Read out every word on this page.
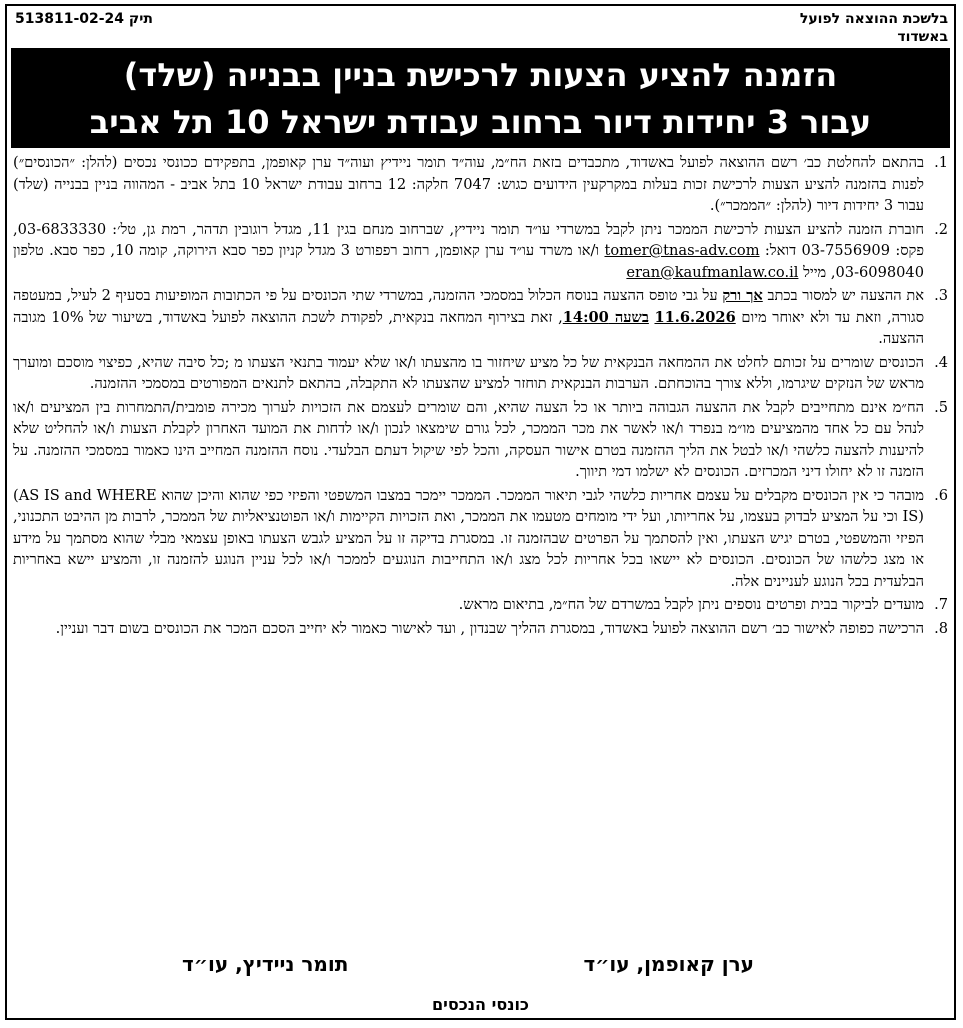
בלשכת ההוצאה לפועל
באשדוד
תיק 513811-02-24
הזמנה להציע הצעות לרכישת בניין בבנייה (שלד)
עבור 3 יחידות דיור ברחוב עבודת ישראל 10 תל אביב
1.
בהתאם להחלטת כב׳ רשם ההוצאה לפועל באשדוד, מתכבדים בזאת הח״מ, עוה״ד תומר ניידיץ ועוה״ד ערן קאופמן, בתפקידם ככונסי נכסים (להלן: ״הכונסים״) לפנות בהזמנה להציע הצעות לרכישת זכות בעלות במקרקעין הידועים כגוש: 7047 חלקה: 12 ברחוב עבודת ישראל 10 בתל אביב - המהווה בניין בבנייה (שלד) עבור 3 יחידות דיור (להלן: ״הממכר״).
2.
חוברת הזמנה להציע הצעות לרכישת הממכר ניתן לקבל במשרדי עו״ד תומר ניידיץ, שברחוב מנחם בגין 11, מגדל רוגובין תדהר, רמת גן, טל׳: 03-6833330, פקס: 03-7556909 דואל: tomer@tnas-adv.com ו/או משרד עו״ד ערן קאופמן, רחוב רפפורט 3 מגדל קניון כפר סבא הירוקה, קומה 10, כפר סבא. טלפון 03-6098040, מייל eran@kaufmanlaw.co.il
3.
את ההצעה יש למסור בכתב אך ורק על גבי טופס ההצעה בנוסח הכלול במסמכי ההזמנה, במשרדי שתי הכונסים על פי הכתובות המופיעות בסעיף 2 לעיל, במעטפה סגורה, וזאת עד ולא יאוחר מיום 11.6.2026 בשעה 14:00, זאת בצירוף המחאה בנקאית, לפקודת לשכת ההוצאה לפועל באשדוד, בשיעור של 10% מגובה ההצעה.
4.
הכונסים שומרים על זכותם לחלט את ההמחאה הבנקאית של כל מציע שיחזור בו מהצעתו ו/או שלא יעמוד בתנאי הצעתו מ ;כל סיבה שהיא, כפיצוי מוסכם ומוערך מראש של הנזקים שיגרמו, וללא צורך בהוכחתם. הערבות הבנקאית תוחזר למציע שהצעתו לא התקבלה, בהתאם לתנאים המפורטים במסמכי ההזמנה.
5.
הח״מ אינם מתחייבים לקבל את ההצעה הגבוהה ביותר או כל הצעה שהיא, והם שומרים לעצמם את הזכויות לערוך מכירה פומבית/התמחרות בין המציעים ו/או לנהל עם כל אחד מהמציעים מו״מ בנפרד ו/או לאשר את מכר הממכר, לכל גורם שימצאו לנכון ו/או לדחות את המועד האחרון לקבלת הצעות ו/או להחליט שלא להיענות להצעה כלשהי ו/או לבטל את הליך ההזמנה בטרם אישור העסקה, והכל לפי שיקול דעתם הבלעדי. נוסח ההזמנה המחייב הינו כאמור במסמכי ההזמנה. על הזמנה זו לא יחולו דיני המכרזים. הכונסים לא ישלמו דמי תיווך.
6.
מובהר כי אין הכונסים מקבלים על עצמם אחריות כלשהי לגבי תיאור הממכר. הממכר יימכר במצבו המשפטי והפיזי כפי שהוא והיכן שהוא (AS IS and WHERE IS) וכי על המציע לבדוק בעצמו, על אחריותו, ועל ידי מומחים מטעמו את הממכר, ואת הזכויות הקיימות ו/או הפוטנציאליות של הממכר, לרבות מן ההיבט התכנוני, הפיזי והמשפטי, בטרם יגיש הצעתו, ואין להסתמך על הפרטים שבהזמנה זו. במסגרת בדיקה זו על המציע לגבש הצעתו באופן עצמאי מבלי שהוא מסתמך על מידע או מצג כלשהו של הכונסים. הכונסים לא יישאו בכל אחריות לכל מצג ו/או התחייבות הנוגעים לממכר ו/או לכל עניין הנוגע להזמנה זו, והמציע יישא באחריות הבלעדית בכל הנוגע לעניינים אלה.
7.
מועדים לביקור בבית ופרטים נוספים ניתן לקבל במשרדם של הח״מ, בתיאום מראש.
8.
הרכישה כפופה לאישור כב׳ רשם ההוצאה לפועל באשדוד, במסגרת ההליך שבנדון , ועד לאישור כאמור לא יחייב הסכם המכר את הכונסים בשום דבר ועניין.
ערן קאופמן, עו״ד
תומר ניידיץ, עו״ד
כונסי הנכסים
